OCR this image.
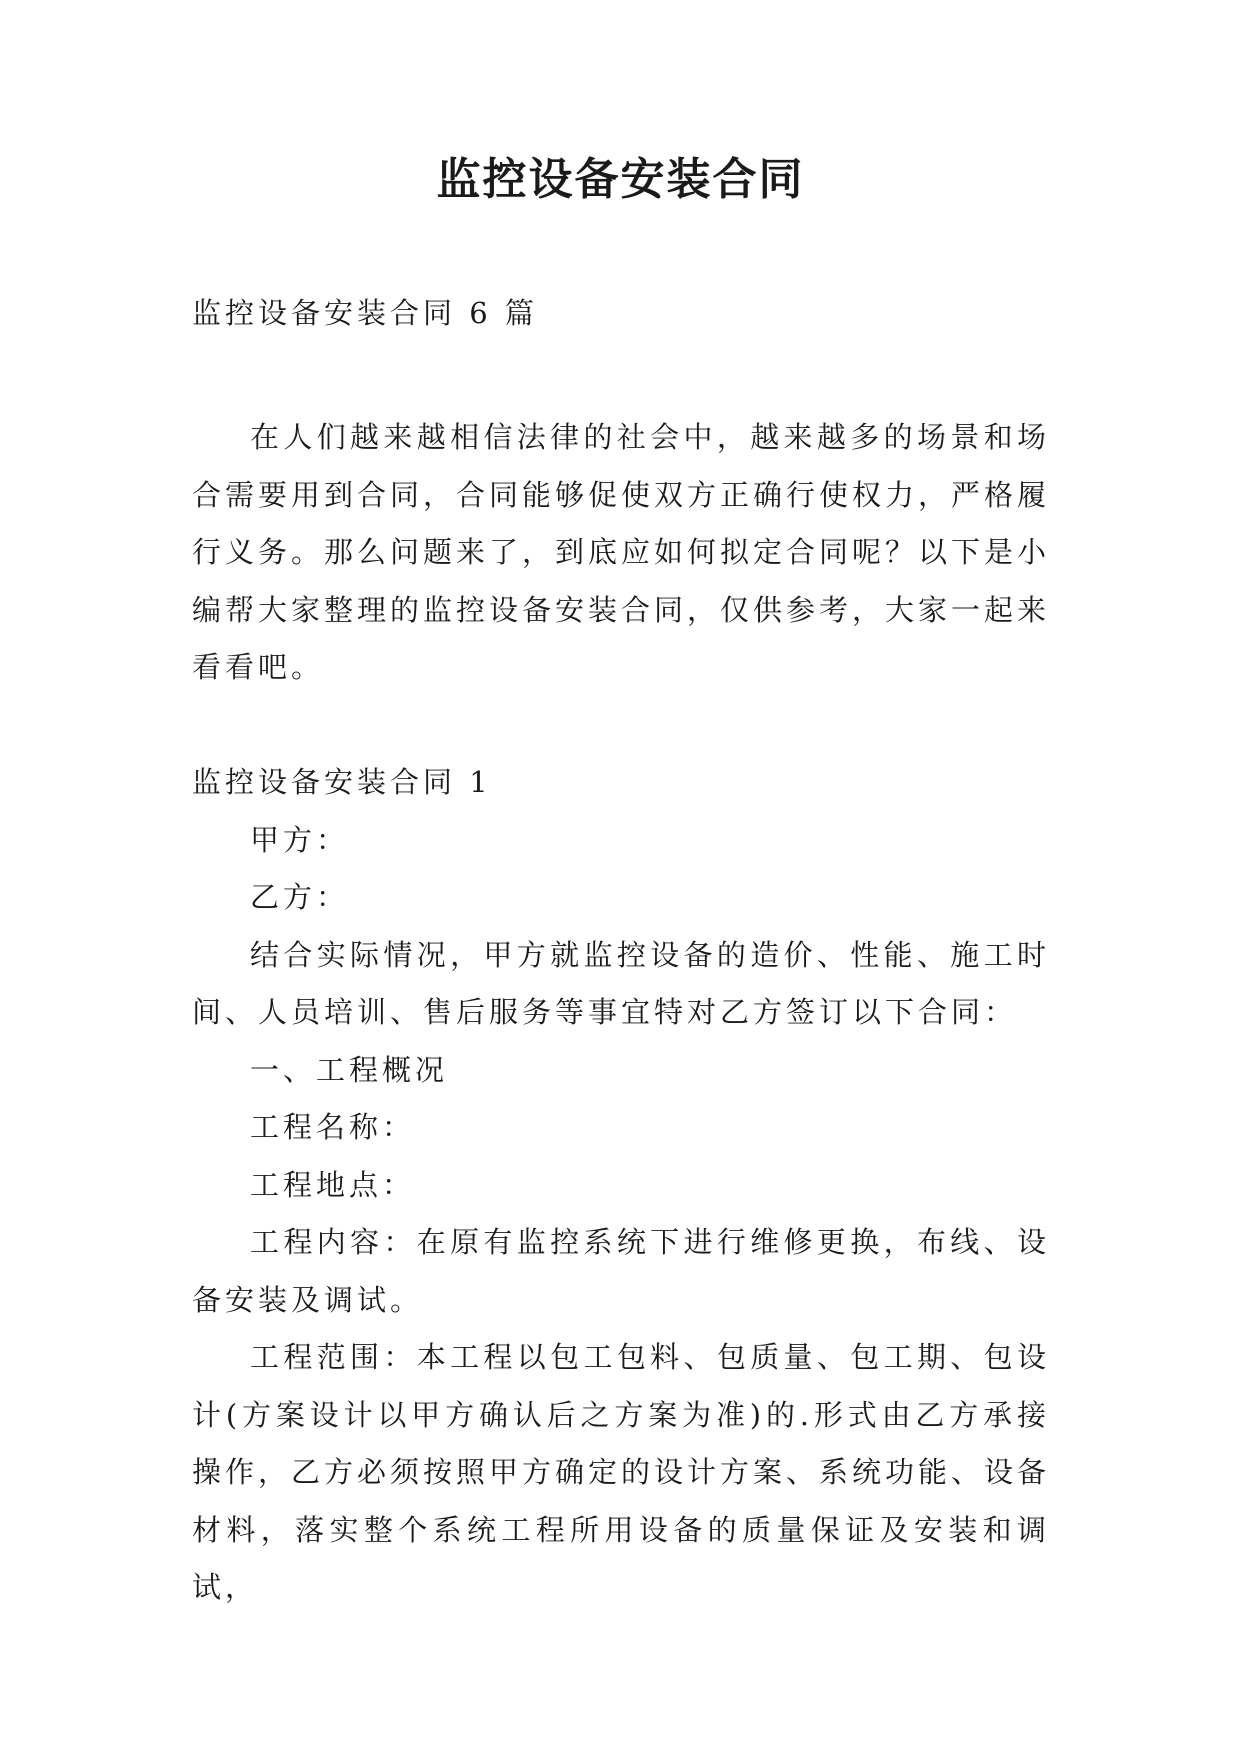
监控设备安装合同
监控设备安装合同 6 篇

在人们越来越相信法律的社会中，越来越多的场景和场合需要用到合同，合同能够促使双方正确行使权力，严格履行义务。那么问题来了，到底应如何拟定合同呢？以下是小编帮大家整理的监控设备安装合同，仅供参考，大家一起来看看吧。

监控设备安装合同 1

甲方：

乙方：

结合实际情况，甲方就监控设备的造价、性能、施工时间、人员培训、售后服务等事宜特对乙方签订以下合同：

一、工程概况

工程名称：

工程地点：

工程内容：在原有监控系统下进行维修更换，布线、设备安装及调试。

工程范围：本工程以包工包料、包质量、包工期、包设计(方案设计以甲方确认后之方案为准)的.形式由乙方承接操作，乙方必须按照甲方确定的设计方案、系统功能、设备材料，落实整个系统工程所用设备的质量保证及安装和调试，
